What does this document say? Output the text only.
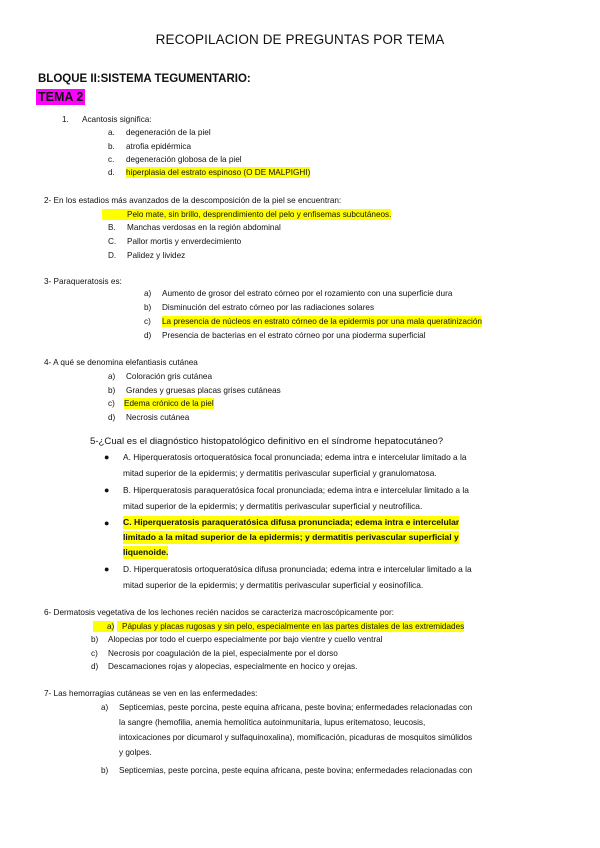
RECOPILACION DE PREGUNTAS POR TEMA
BLOQUE II:SISTEMA TEGUMENTARIO:
TEMA 2
1. Acantosis significa:
a. degeneración de la piel
b. atrofia epidérmica
c. degeneración globosa de la piel
d. hiperplasia del estrato espinoso (O DE MALPIGHI)
2- En los estadios más avanzados de la descomposición de la piel se encuentran:
Pelo mate, sin brillo, desprendimiento del pelo y enfisemas subcutáneos.
B. Manchas verdosas en la región abdominal
C. Pallor mortis y enverdecimiento
D. Palidez y lividez
3- Paraqueratosis es:
a) Aumento de grosor del estrato córneo por el rozamiento con una superficie dura
b) Disminución del estrato córneo por las radiaciones solares
c) La presencia de núcleos en estrato córneo de la epidermis por una mala queratinización
d) Presencia de bacterias en el estrato córneo por una pioderma superficial
4- A qué se denomina elefantiasis cutánea
a) Coloración gris cutánea
b) Grandes y gruesas placas grises cutáneas
c) Edema crónico de la piel
d) Necrosis cutánea
5-¿Cual es el diagnóstico histopatológico definitivo en el síndrome hepatocutáneo?
● A. Hiperqueratosis ortoqueratósica focal pronunciada; edema intra e intercelular limitado a la
mitad superior de la epidermis; y dermatitis perivascular superficial y granulomatosa.
● B. Hiperqueratosis paraqueratósica focal pronunciada; edema intra e intercelular limitado a la
mitad superior de la epidermis; y dermatitis perivascular superficial y neutrofílica.
● C. Hiperqueratosis paraqueratósica difusa pronunciada; edema intra e intercelular
limitado a la mitad superior de la epidermis; y dermatitis perivascular superficial y
liquenoide.
● D. Hiperqueratosis ortoqueratósica difusa pronunciada; edema intra e intercelular limitado a la
mitad superior de la epidermis; y dermatitis perivascular superficial y eosinofílica.
6- Dermatosis vegetativa de los lechones recién nacidos se caracteriza macroscópicamente por:
a) Pápulas y placas rugosas y sin pelo, especialmente en las partes distales de las extremidades
b) Alopecias por todo el cuerpo especialmente por bajo vientre y cuello ventral
c) Necrosis por coagulación de la piel, especialmente por el dorso
d) Descamaciones rojas y alopecias, especialmente en hocico y orejas.
7- Las hemorragias cutáneas se ven en las enfermedades:
a) Septicemias, peste porcina, peste equina africana, peste bovina; enfermedades relacionadas con
la sangre (hemofilia, anemia hemolítica autoinmunitaria, lupus eritematoso, leucosis,
intoxicaciones por dicumarol y sulfaquinoxalina), momificación, picaduras de mosquitos simúlidos
y golpes.
b) Septicemias, peste porcina, peste equina africana, peste bovina; enfermedades relacionadas con
